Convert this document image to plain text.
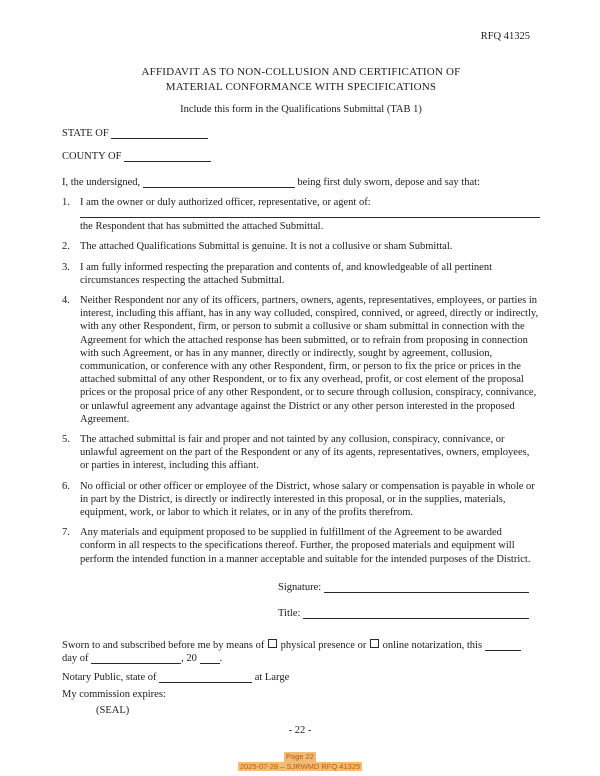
RFQ 41325
AFFIDAVIT AS TO NON-COLLUSION AND CERTIFICATION OF
MATERIAL CONFORMANCE WITH SPECIFICATIONS
Include this form in the Qualifications Submittal (TAB 1)
STATE OF
COUNTY OF
I, the undersigned,	being first duly sworn, depose and say that:
1. I am the owner or duly authorized officer, representative, or agent of:
the Respondent that has submitted the attached Submittal.
2. The attached Qualifications Submittal is genuine. It is not a collusive or sham Submittal.
3. I am fully informed respecting the preparation and contents of, and knowledgeable of all pertinent circumstances respecting the attached Submittal.
4. Neither Respondent nor any of its officers, partners, owners, agents, representatives, employees, or parties in interest, including this affiant, has in any way colluded, conspired, connived, or agreed, directly or indirectly, with any other Respondent, firm, or person to submit a collusive or sham submittal in connection with the Agreement for which the attached response has been submitted, or to refrain from proposing in connection with such Agreement, or has in any manner, directly or indirectly, sought by agreement, collusion, communication, or conference with any other Respondent, firm, or person to fix the price or prices in the attached submittal of any other Respondent, or to fix any overhead, profit, or cost element of the proposal prices or the proposal price of any other Respondent, or to secure through collusion, conspiracy, connivance, or unlawful agreement any advantage against the District or any other person interested in the proposed Agreement.
5. The attached submittal is fair and proper and not tainted by any collusion, conspiracy, connivance, or unlawful agreement on the part of the Respondent or any of its agents, representatives, owners, employees, or parties in interest, including this affiant.
6. No official or other officer or employee of the District, whose salary or compensation is payable in whole or in part by the District, is directly or indirectly interested in this proposal, or in the supplies, materials, equipment, work, or labor to which it relates, or in any of the profits therefrom.
7. Any materials and equipment proposed to be supplied in fulfillment of the Agreement to be awarded conform in all respects to the specifications thereof. Further, the proposed materials and equipment will perform the intended function in a manner acceptable and suitable for the intended purposes of the District.
Signature:
Title:
Sworn to and subscribed before me by means of physical presence or online notarization, this
day of	, 20 .
Notary Public, state of	at Large
My commission expires:
(SEAL)
- 22 -
Page 22
2025-07-28 – SJRWMD RFQ 41325
